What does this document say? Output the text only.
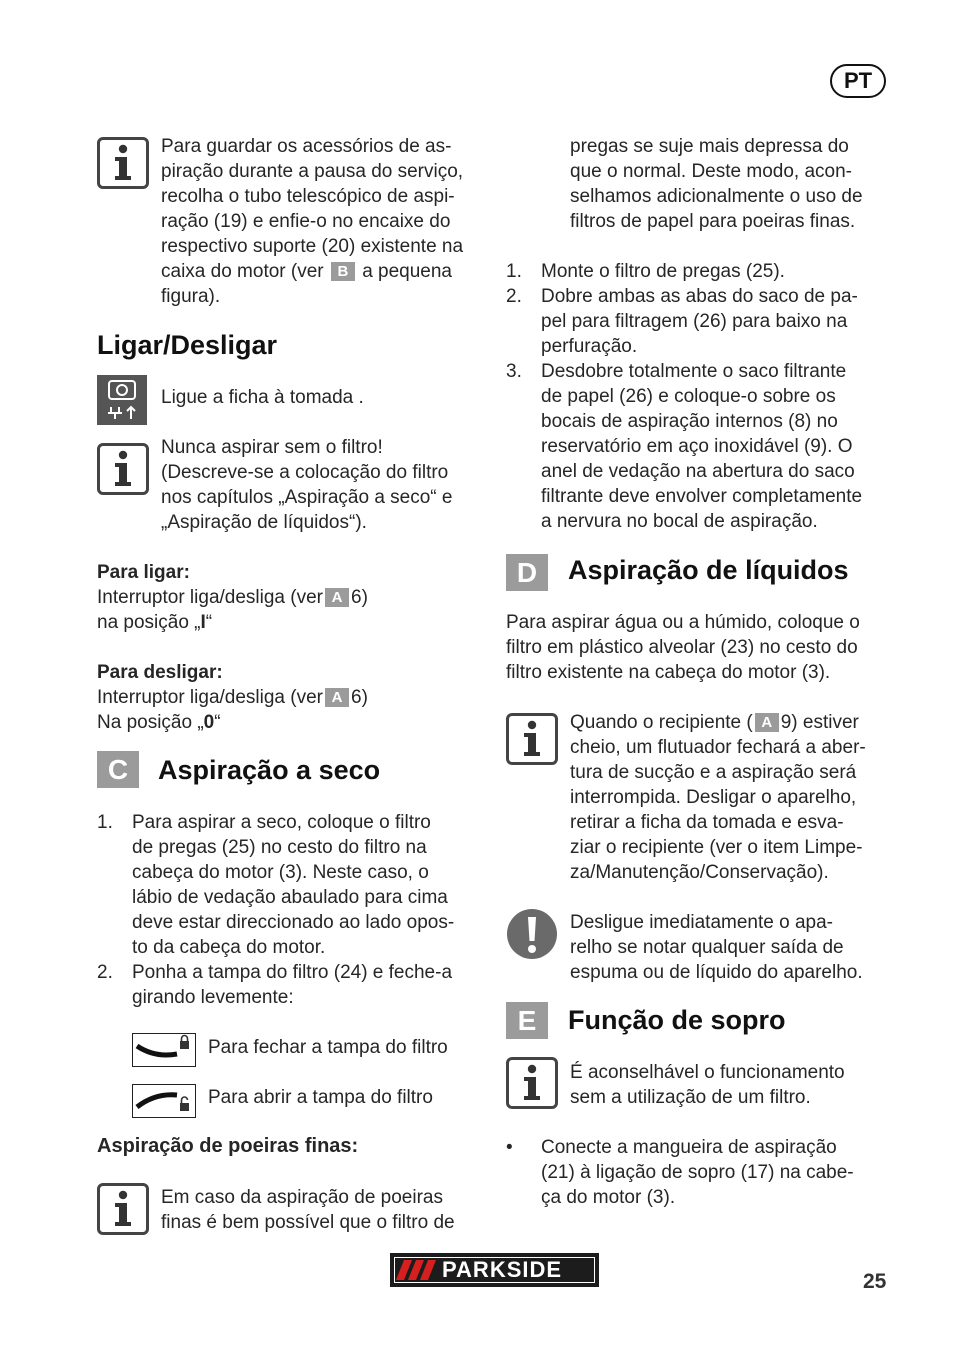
PT
Para guardar os acessórios de as-
piração durante a pausa do serviço,
recolha o tubo telescópico de aspi-
ração (19) e enfie-o no encaixe do
respectivo suporte (20) existente na
caixa do motor (ver B a pequena
figura).
Ligar/Desligar
Ligue a ficha à tomada .
Nunca aspirar sem o filtro!
(Descreve-se a colocação do filtro
nos capítulos „Aspiração a seco“ e
„Aspiração de líquidos“).
Para ligar:
Interruptor liga/desliga (ver A 6)
na posição „I“
Para desligar:
Interruptor liga/desliga (ver A 6)
Na posição „0“
C	Aspiração a seco
1. Para aspirar a seco, coloque o filtro
de pregas (25) no cesto do filtro na
cabeça do motor (3). Neste caso, o
lábio de vedação abaulado para cima
deve estar direccionado ao lado opos-
to da cabeça do motor.
2. Ponha a tampa do filtro (24) e feche-a
girando levemente:
Para fechar a tampa do filtro
Para abrir a tampa do filtro
Aspiração de poeiras finas:
Em caso da aspiração de poeiras
finas é bem possível que o filtro de
pregas se suje mais depressa do
que o normal. Deste modo, acon-
selhamos adicionalmente o uso de
filtros de papel para poeiras finas.
1. Monte o filtro de pregas (25).
2. Dobre ambas as abas do saco de pa-
pel para filtragem (26) para baixo na
perfuração.
3. Desdobre totalmente o saco filtrante
de papel (26) e coloque-o sobre os
bocais de aspiração internos (8) no
reservatório em aço inoxidável (9). O
anel de vedação na abertura do saco
filtrante deve envolver completamente
a nervura no bocal de aspiração.
D	Aspiração de líquidos
Para aspirar água ou a húmido, coloque o
filtro em plástico alveolar (23) no cesto do
filtro existente na cabeça do motor (3).
Quando o recipiente ( A 9) estiver
cheio, um flutuador fechará a aber-
tura de sucção e a aspiração será
interrompida. Desligar o aparelho,
retirar a ficha da tomada e esva-
ziar o recipiente (ver o item Limpe-
za/Manutenção/Conservação).
Desligue imediatamente o apa-
relho se notar qualquer saída de
espuma ou de líquido do aparelho.
E	Função de sopro
É aconselhável o funcionamento
sem a utilização de um filtro.
• Conecte a mangueira de aspiração
(21) à ligação de sopro (17) na cabe-
ça do motor (3).
PARKSIDE	25
